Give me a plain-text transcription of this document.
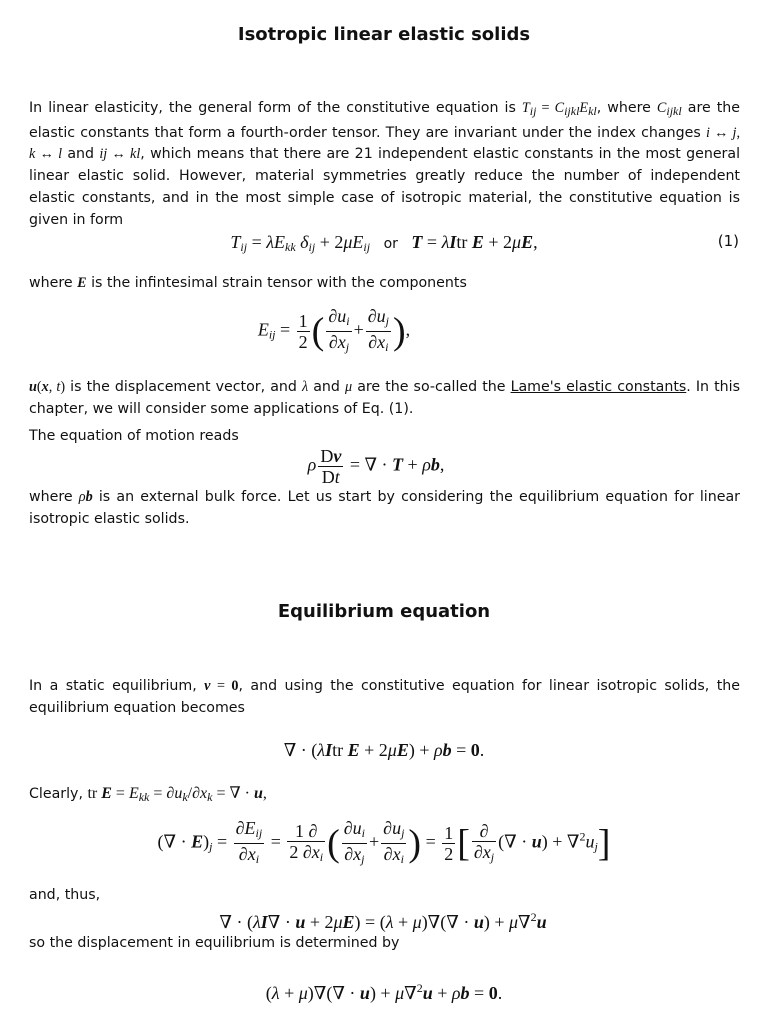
Isotropic linear elastic solids
In linear elasticity, the general form of the constitutive equation is $T_{ij} = C_{ijkl}E_{kl}$, where $C_{ijkl}$ are the elastic constants that form a fourth-order tensor. They are invariant under the index changes i ↔ j, k ↔ l and ij ↔ kl, which means that there are 21 independent elastic constants in the most general linear elastic solid. However, material symmetries greatly reduce the number of independent elastic constants, and in the most simple case of isotropic material, the constitutive equation is given in form
$T_{ij} = \lambda E_{kk}$ $\delta_{ij} + 2\mu E_{ij}$ or T = λItr E + 2μE,	(1)
where E is the infintesimal strain tensor with the components
$E_{ij} = \frac{1}{2}$ ( $\frac{\partial u_i}{\partial x_j} + \frac{\partial u_j}{\partial x_i}$ ),
u(x, t) is the displacement vector, and λ and μ are the so-called the Lame's elastic constants. In this chapter, we will consider some applications of Eq. (1).
The equation of motion reads
ρ $\frac{Dv}{Dt}$ = ∇ · T + ρb,
where ρb is an external bulk force. Let us start by considering the equilibrium equation for linear isotropic elastic solids.
Equilibrium equation
In a static equilibrium, v = 0, and using the constitutive equation for linear isotropic solids, the equilibrium equation becomes
∇ · (λItr E + 2μE) + ρb = 0.
Clearly, tr $E = E_{kk} = \partial u_k/\partial x_k$ = ∇ · u,
(∇ · $E)_j = \frac{\partial E_{ij}}{\partial x_i} = \frac{1 \partial}{2 \partial x_i}$ ( $\frac{\partial u_i}{\partial x_j} + \frac{\partial u_j}{\partial x_i}$ ) = $\frac{1}{2}$ [ $\frac{\partial}{\partial x_j}$ (∇ · $u) + \nabla^2u_j$]
and, thus,
∇ · (λI∇ · u + 2μE) = (λ + μ)∇(∇ · u) + μ∇$^2$u
so the displacement in equilibrium is determined by
(λ + μ)∇(∇ · u) + μ∇$^2$u + ρb = 0.
